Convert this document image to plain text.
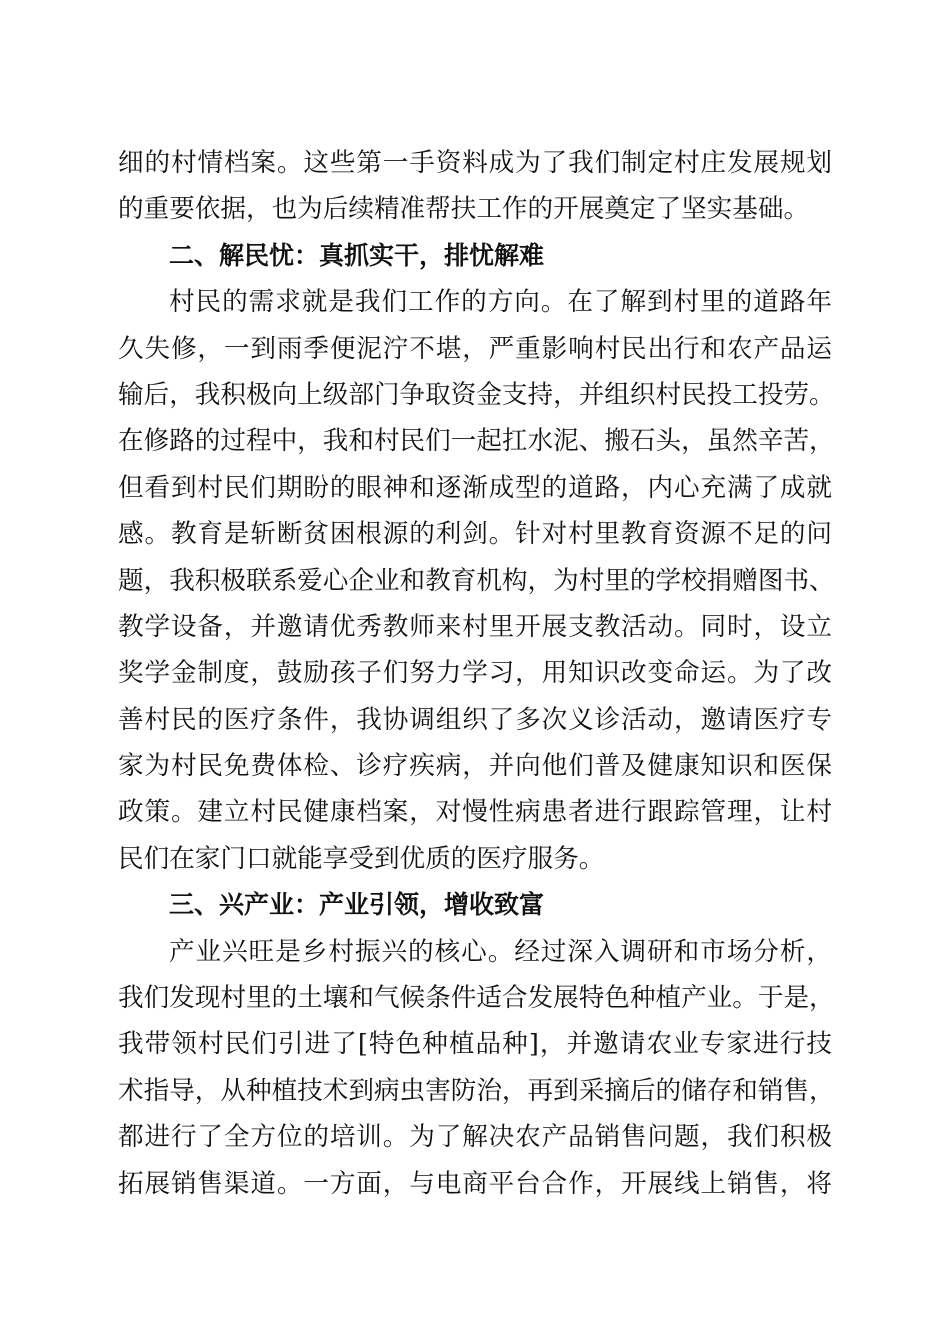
细的村情档案。这些第一手资料成为了我们制定村庄发展规划
的重要依据，也为后续精准帮扶工作的开展奠定了坚实基础。
二、解民忧：真抓实干，排忧解难
村民的需求就是我们工作的方向。在了解到村里的道路年
久失修，一到雨季便泥泞不堪，严重影响村民出行和农产品运
输后，我积极向上级部门争取资金支持，并组织村民投工投劳。
在修路的过程中，我和村民们一起扛水泥、搬石头，虽然辛苦，
但看到村民们期盼的眼神和逐渐成型的道路，内心充满了成就
感。教育是斩断贫困根源的利剑。针对村里教育资源不足的问
题，我积极联系爱心企业和教育机构，为村里的学校捐赠图书、
教学设备，并邀请优秀教师来村里开展支教活动。同时，设立
奖学金制度，鼓励孩子们努力学习，用知识改变命运。为了改
善村民的医疗条件，我协调组织了多次义诊活动，邀请医疗专
家为村民免费体检、诊疗疾病，并向他们普及健康知识和医保
政策。建立村民健康档案，对慢性病患者进行跟踪管理，让村
民们在家门口就能享受到优质的医疗服务。
三、兴产业：产业引领，增收致富
产业兴旺是乡村振兴的核心。经过深入调研和市场分析，
我们发现村里的土壤和气候条件适合发展特色种植产业。于是，
我带领村民们引进了[特色种植品种]，并邀请农业专家进行技
术指导，从种植技术到病虫害防治，再到采摘后的储存和销售，
都进行了全方位的培训。为了解决农产品销售问题，我们积极
拓展销售渠道。一方面，与电商平台合作，开展线上销售，将
